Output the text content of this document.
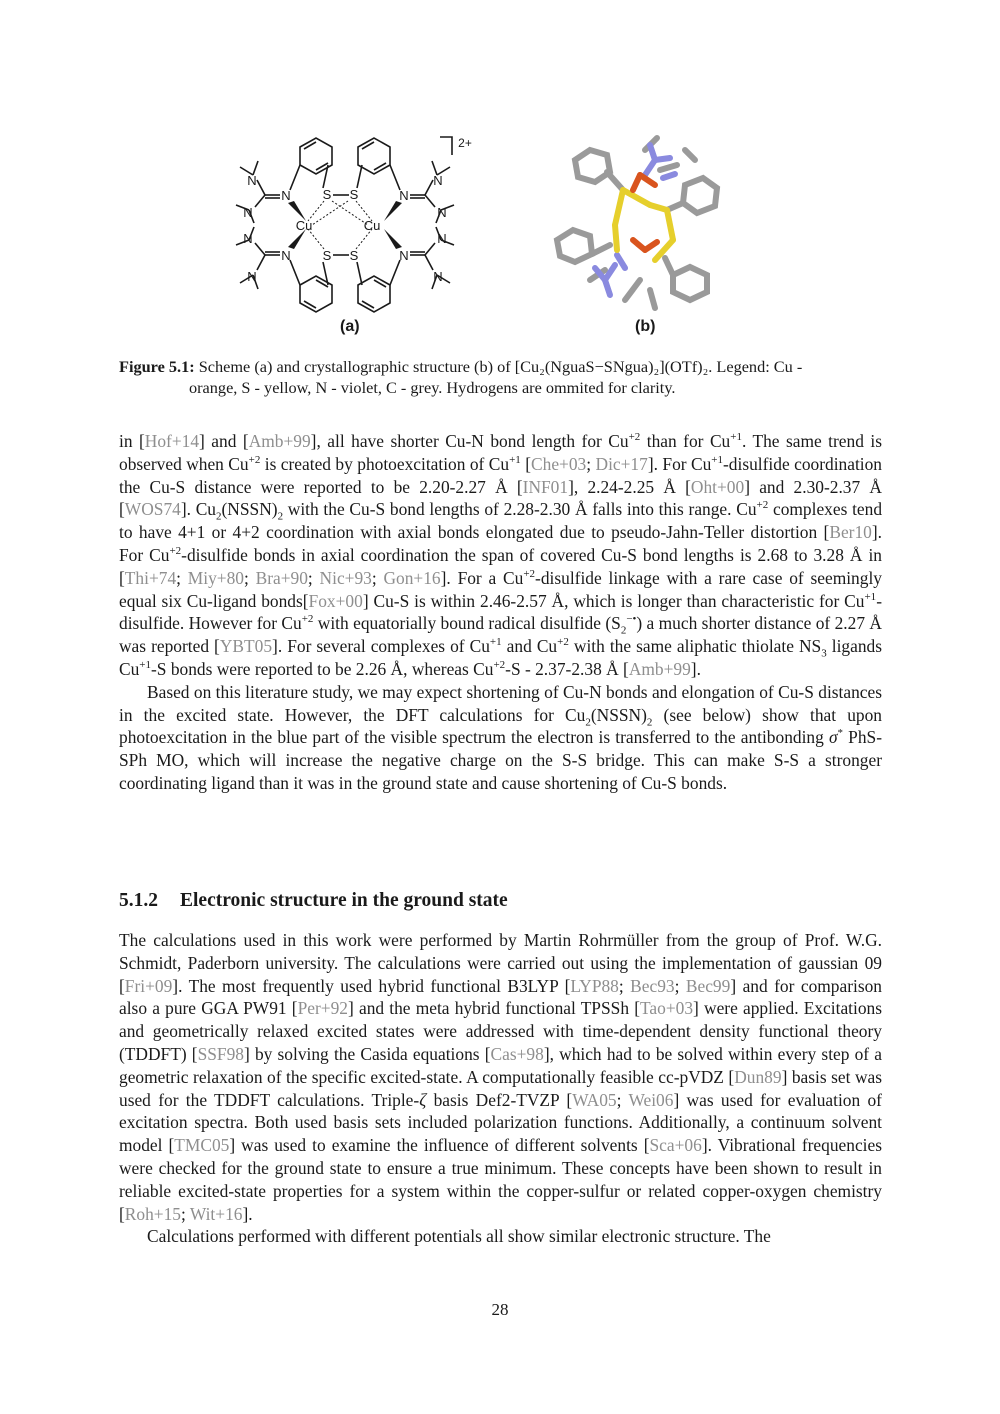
Cu	Cu
S S
S S
N	N
N	N
N
N
N
N
N
N
N
N
2+
(a)	(b)
Figure 5.1: Scheme (a) and crystallographic structure (b) of [Cu₂(NguaS−SNgua)₂](OTf)₂. Legend: Cu -
orange, S - yellow, N - violet, C - grey. Hydrogens are ommited for clarity.

in [Hof+14] and [Amb+99], all have shorter Cu-N bond length for $Cu^{+2}$ than for $Cu^{+1}$. The same trend is observed when $Cu^{+2}$ is created by photoexcitation of $Cu^{+1}$ [Che+03; Dic+17]. For $Cu^{+1}$-disulfide coordination the Cu-S distance were reported to be 2.20-2.27 Å [INF01], 2.24-2.25 Å [Oht+00] and 2.30-2.37 Å [WOS74]. $Cu_2(NSSN)_2$ with the Cu-S bond lengths of 2.28-2.30 Å falls into this range. $Cu^{+2}$ complexes tend to have 4+1 or 4+2 coordination with axial bonds elongated due to pseudo-Jahn-Teller distortion [Ber10]. For $Cu^{+2}$-disulfide bonds in axial coordination the span of covered Cu-S bond lengths is 2.68 to 3.28 Å in [Thi+74; Miy+80; Bra+90; Nic+93; Gon+16]. For a $Cu^{+2}$-disulfide linkage with a rare case of seemingly equal six Cu-ligand bonds[Fox+00] Cu-S is within 2.46-2.57 Å, which is longer than characteristic for $Cu^{+1}$-disulfide. However for $Cu^{+2}$ with equatorially bound radical disulfide $(S_2^{-•})$ a much shorter distance of 2.27 Å was reported [YBT05]. For several complexes of $Cu^{+1}$ and $Cu^{+2}$ with the same aliphatic thiolate $NS_3$ ligands $Cu^{+1}-S$ bonds were reported to be 2.26 Å, whereas $Cu^{+2}-S - 2.37-2.38$ Å [Amb+99].

Based on this literature study, we may expect shortening of Cu-N bonds and elongation of Cu-S distances in the excited state. However, the DFT calculations for $Cu_2(NSSN)_2$ (see below) show that upon photoexcitation in the blue part of the visible spectrum the electron is transferred to the antibonding σ* PhS-SPh MO, which will increase the negative charge on the S-S bridge. This can make S-S a stronger coordinating ligand than it was in the ground state and cause shortening of Cu-S bonds.

5.1.2 Electronic structure in the ground state

The calculations used in this work were performed by Martin Rohrmüller from the group of Prof. W.G. Schmidt, Paderborn university. The calculations were carried out using the implementation of gaussian 09 [Fri+09]. The most frequently used hybrid functional B3LYP [LYP88; Bec93; Bec99] and for comparison also a pure GGA PW91 [Per+92] and the meta hybrid functional TPSSh [Tao+03] were applied. Excitations and geometrically relaxed excited states were addressed with time-dependent density functional theory (TDDFT) [SSF98] by solving the Casida equations [Cas+98], which had to be solved within every step of a geometric relaxation of the specific excited-state. A computationally feasible cc-pVDZ [Dun89] basis set was used for the TDDFT calculations. Triple-ζ basis Def2-TVZP [WA05; Wei06] was used for evaluation of excitation spectra. Both used basis sets included polarization functions. Additionally, a continuum solvent model [TMC05] was used to examine the influence of different solvents [Sca+06]. Vibrational frequencies were checked for the ground state to ensure a true minimum. These concepts have been shown to result in reliable excited-state properties for a system within the copper-sulfur or related copper-oxygen chemistry [Roh+15; Wit+16].

Calculations performed with different potentials all show similar electronic structure. The

28
